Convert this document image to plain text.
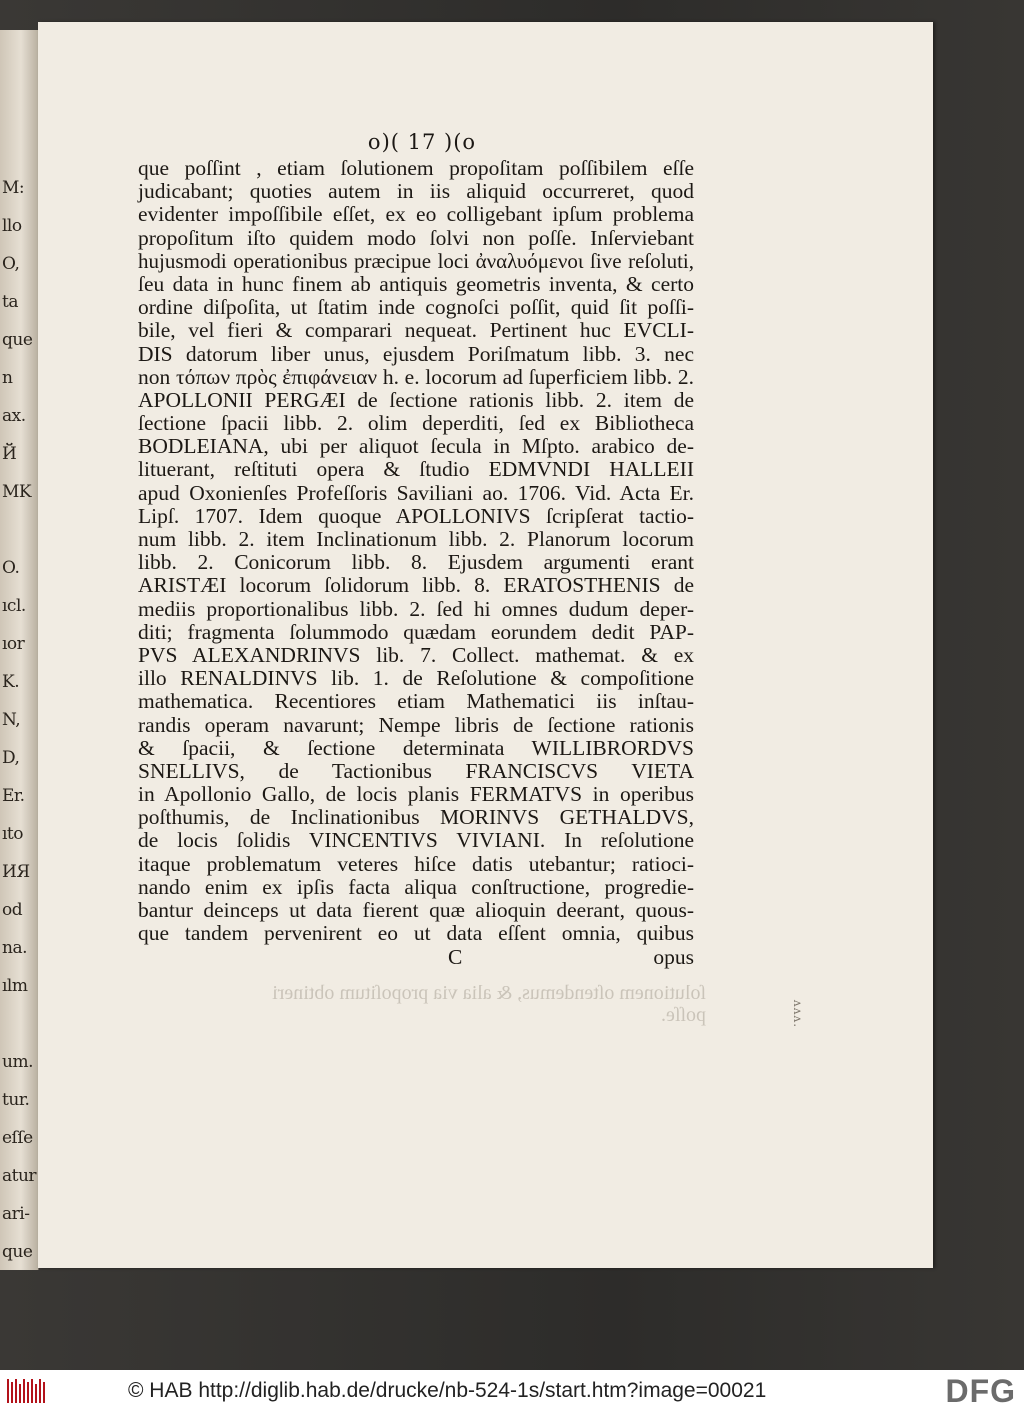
M:
llo
O,
ta
que
n
ax.
Й
MK
O.
ıcl.
ıor
K.
N,
D,
Er.
ıto
ИЯ
od
na.
ılm
um.
tur.
eſſe
atur
ari-
que
o)( 17 )(o
que poſſint , etiam ſolutionem propoſitam poſſibilem eſſe
judicabant; quoties autem in iis aliquid occurreret, quod
evidenter impoſſibile eſſet, ex eo colligebant ipſum problema
propoſitum iſto quidem modo ſolvi non poſſe. Inſerviebant
hujusmodi operationibus præcipue loci ἀναλυόμενοι ſive reſoluti,
ſeu data in hunc finem ab antiquis geometris inventa, & certo
ordine diſpoſita, ut ſtatim inde cognoſci poſſit, quid ſit poſſi-
bile, vel fieri & comparari nequeat. Pertinent huc EVCLI-
DIS datorum liber unus, ejusdem Poriſmatum libb. 3. nec
non τόπων πρὸς ἐπιφάνειαν h. e. locorum ad ſuperficiem libb. 2.
APOLLONII PERGÆI de ſectione rationis libb. 2. item de
ſectione ſpacii libb. 2. olim deperditi, ſed ex Bibliotheca
BODLEIANA, ubi per aliquot ſecula in Mſpto. arabico de-
lituerant, reſtituti opera & ſtudio EDMVNDI HALLEII
apud Oxonienſes Profeſſoris Saviliani ao. 1706. Vid. Acta Er.
Lipſ. 1707. Idem quoque APOLLONIVS ſcripſerat tactio-
num libb. 2. item Inclinationum libb. 2. Planorum locorum
libb. 2. Conicorum libb. 8. Ejusdem argumenti erant
ARISTÆI locorum ſolidorum libb. 8. ERATOSTHENIS de
mediis proportionalibus libb. 2. ſed hi omnes dudum deper-
diti; fragmenta ſolummodo quædam eorundem dedit PAP-
PVS ALEXANDRINVS lib. 7. Collect. mathemat. & ex
illo RENALDINVS lib. 1. de Reſolutione & compoſitione
mathematica. Recentiores etiam Mathematici iis inſtau-
randis operam navarunt; Nempe libris de ſectione rationis
& ſpacii, & ſectione determinata WILLIBRORDVS
SNELLIVS, de Tactionibus FRANCISCVS VIETA
in Apollonio Gallo, de locis planis FERMATVS in operibus
poſthumis, de Inclinationibus MORINVS GETHALDVS,
de locis ſolidis VINCENTIVS VIVIANI. In reſolutione
itaque problematum veteres hiſce datis utebantur; ratioci-
nando enim ex ipſis facta aliqua conſtructione, progredie-
bantur deinceps ut data fierent quæ alioquin deerant, quous-
que tandem pervenirent eo ut data eſſent omnia, quibus
C	opus
ſolutionem oſtendemus, & alia via propoſitum obtineri
poſſe.	ʌʌʌ.
© HAB http://diglib.hab.de/drucke/nb-524-1s/start.htm?image=00021	DFG
